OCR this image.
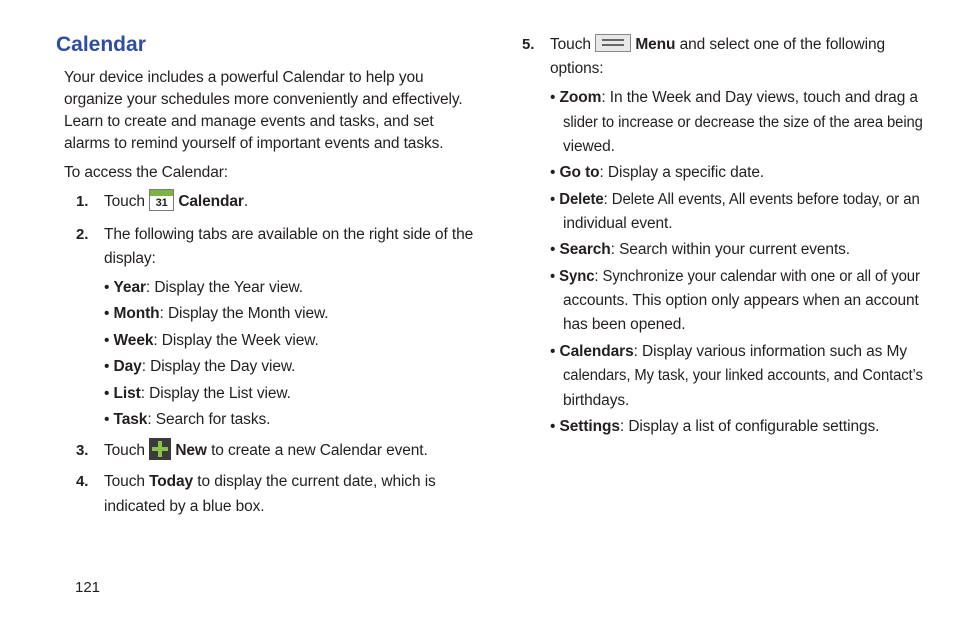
Calendar
Your device includes a powerful Calendar to help you
organize your schedules more conveniently and effectively.
Learn to create and manage events and tasks, and set
alarms to remind yourself of important events and tasks.
To access the Calendar:
1. Touch 31 Calendar.
2. The following tabs are available on the right side of the
display:
• Year: Display the Year view.
• Month: Display the Month view.
• Week: Display the Week view.
• Day: Display the Day view.
• List: Display the List view.
• Task: Search for tasks.
3. Touch New to create a new Calendar event.
4. Touch Today to display the current date, which is
indicated by a blue box.
5. Touch	Menu and select one of the following
options:
• Zoom: In the Week and Day views, touch and drag a
slider to increase or decrease the size of the area being
viewed.
• Go to: Display a specific date.
• Delete: Delete All events, All events before today, or an
individual event.
• Search: Search within your current events.
• Sync: Synchronize your calendar with one or all of your
accounts. This option only appears when an account
has been opened.
• Calendars: Display various information such as My
calendars, My task, your linked accounts, and Contact’s
birthdays.
• Settings: Display a list of configurable settings.
121
